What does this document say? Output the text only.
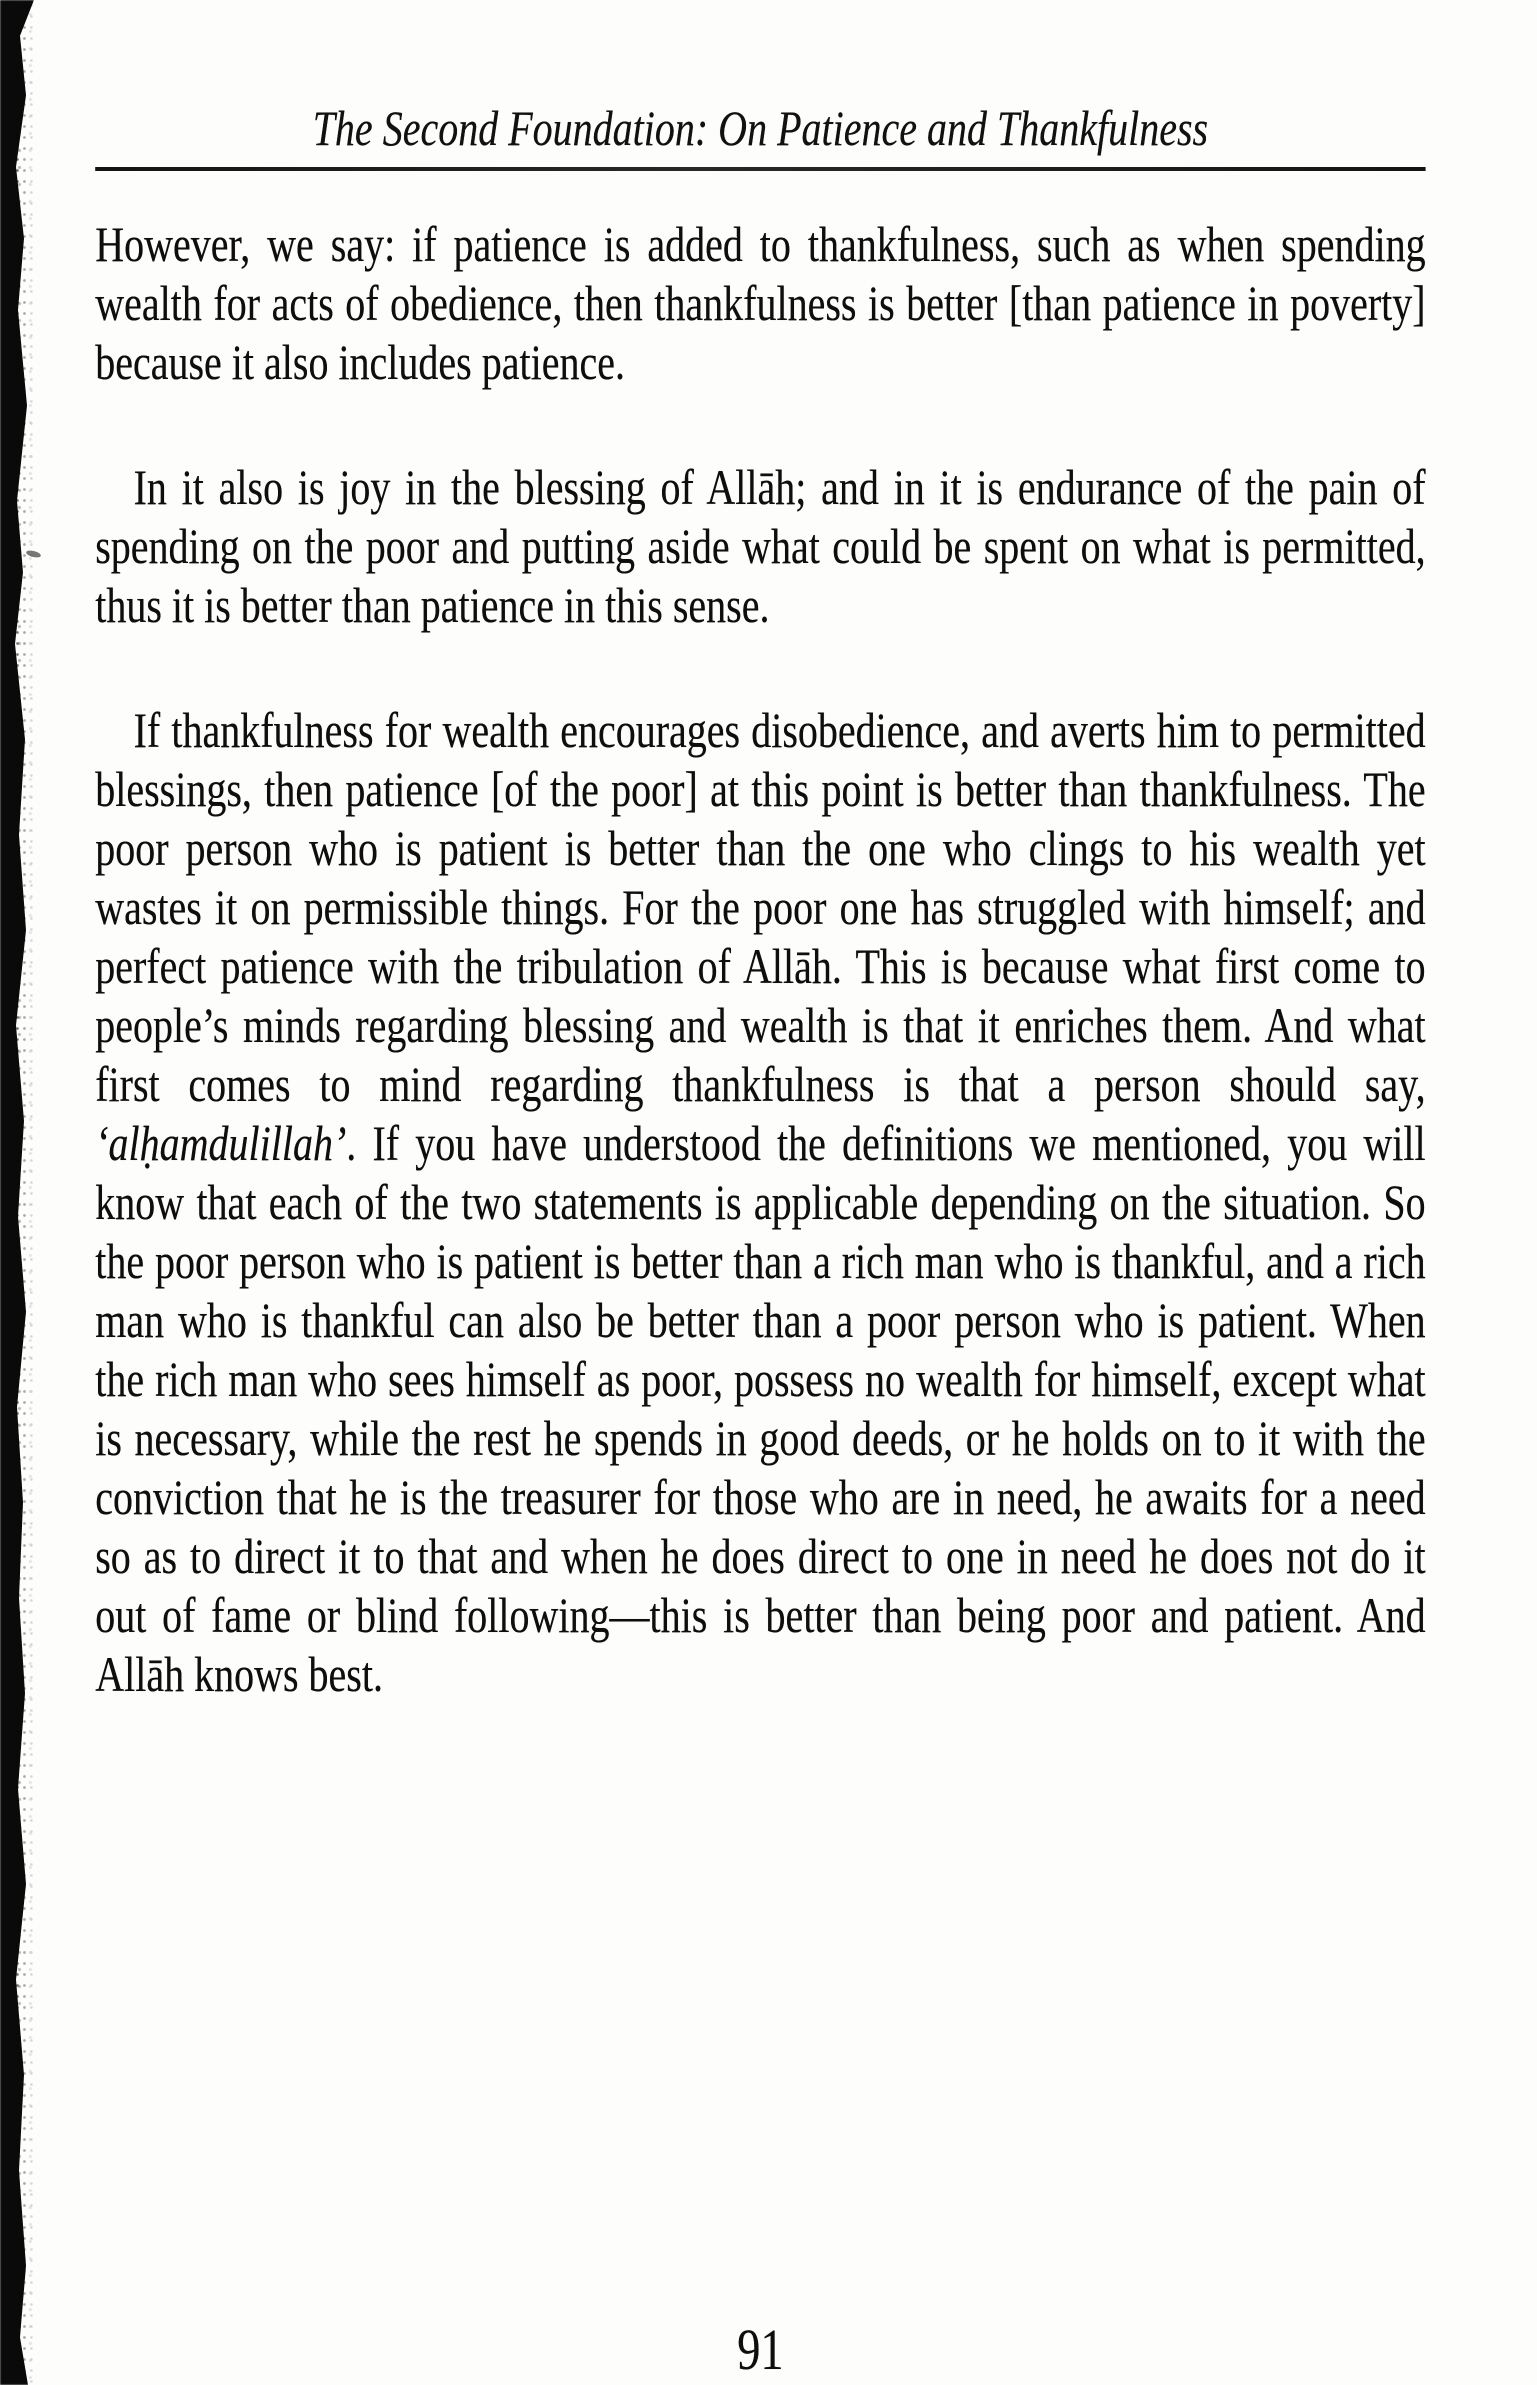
The Second Foundation: On Patience and Thankfulness

However, we say: if patience is added to thankfulness, such as when spending wealth for acts of obedience, then thankfulness is better [than patience in poverty] because it also includes patience.

In it also is joy in the blessing of Allāh; and in it is endurance of the pain of spending on the poor and putting aside what could be spent on what is permitted, thus it is better than patience in this sense.

If thankfulness for wealth encourages disobedience, and averts him to permitted blessings, then patience [of the poor] at this point is better than thankfulness. The poor person who is patient is better than the one who clings to his wealth yet wastes it on permissible things. For the poor one has struggled with himself; and perfect patience with the tribulation of Allāh. This is because what first come to people’s minds regarding blessing and wealth is that it enriches them. And what first comes to mind regarding thankfulness is that a person should say, ‘alḥamdulillah’. If you have understood the definitions we mentioned, you will know that each of the two statements is applicable depending on the situation. So the poor person who is patient is better than a rich man who is thankful, and a rich man who is thankful can also be better than a poor person who is patient. When the rich man who sees himself as poor, possess no wealth for himself, except what is necessary, while the rest he spends in good deeds, or he holds on to it with the conviction that he is the treasurer for those who are in need, he awaits for a need so as to direct it to that and when he does direct to one in need he does not do it out of fame or blind following—this is better than being poor and patient. And Allāh knows best.

91
